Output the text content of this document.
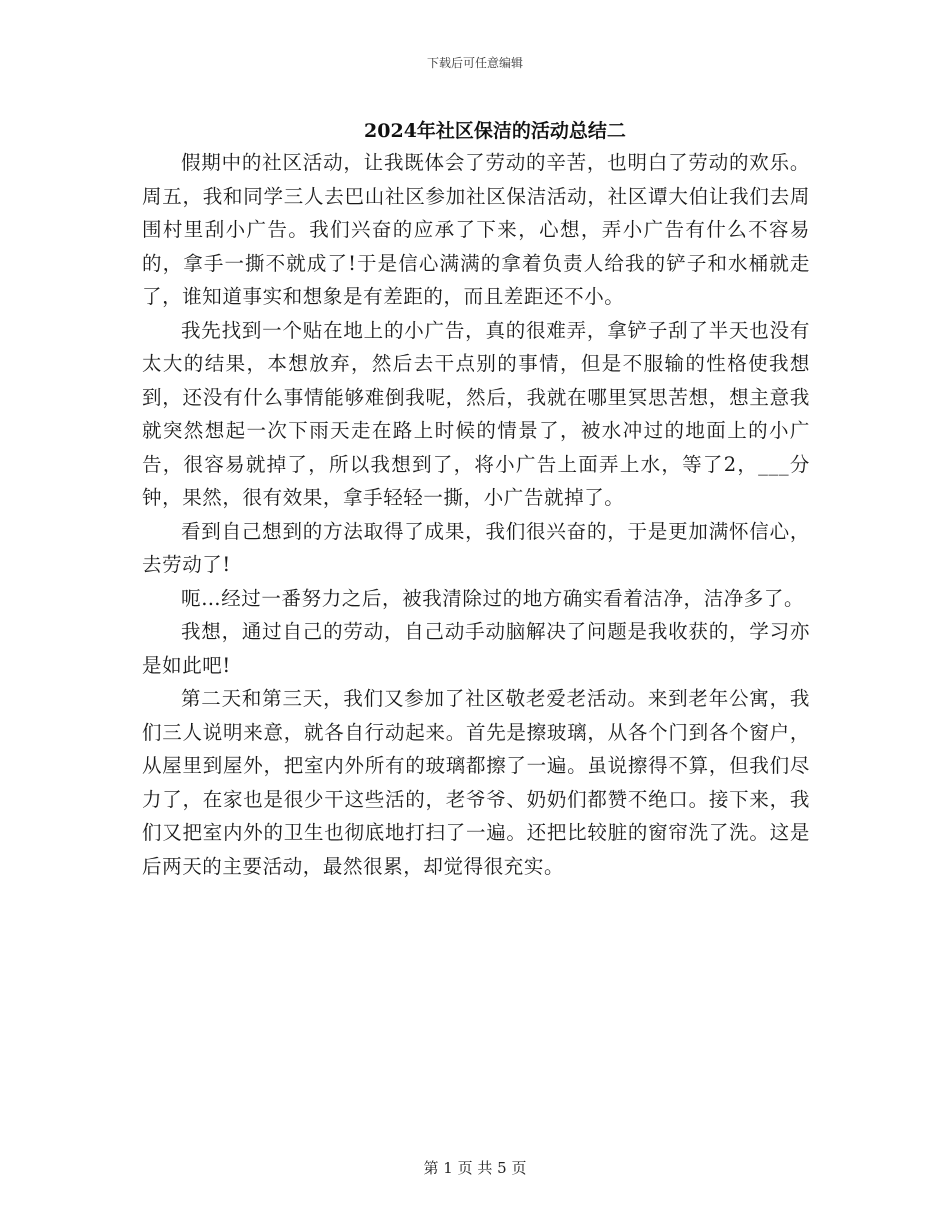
下载后可任意编辑
2024年社区保洁的活动总结二

假期中的社区活动，让我既体会了劳动的辛苦，也明白了劳动的欢乐。周五，我和同学三人去巴山社区参加社区保洁活动，社区谭大伯让我们去周围村里刮小广告。我们兴奋的应承了下来，心想，弄小广告有什么不容易的，拿手一撕不就成了!于是信心满满的拿着负责人给我的铲子和水桶就走了，谁知道事实和想象是有差距的，而且差距还不小。

我先找到一个贴在地上的小广告，真的很难弄，拿铲子刮了半天也没有太大的结果，本想放弃，然后去干点别的事情，但是不服输的性格使我想到，还没有什么事情能够难倒我呢，然后，我就在哪里冥思苦想，想主意我就突然想起一次下雨天走在路上时候的情景了，被水冲过的地面上的小广告，很容易就掉了，所以我想到了，将小广告上面弄上水，等了2，___分钟，果然，很有效果，拿手轻轻一撕，小广告就掉了。

看到自己想到的方法取得了成果，我们很兴奋的，于是更加满怀信心，去劳动了!

呃…经过一番努力之后，被我清除过的地方确实看着洁净，洁净多了。

我想，通过自己的劳动，自己动手动脑解决了问题是我收获的，学习亦是如此吧!

第二天和第三天，我们又参加了社区敬老爱老活动。来到老年公寓，我们三人说明来意，就各自行动起来。首先是擦玻璃，从各个门到各个窗户，从屋里到屋外，把室内外所有的玻璃都擦了一遍。虽说擦得不算，但我们尽力了，在家也是很少干这些活的，老爷爷、奶奶们都赞不绝口。接下来，我们又把室内外的卫生也彻底地打扫了一遍。还把比较脏的窗帘洗了洗。这是后两天的主要活动，最然很累，却觉得很充实。

第 1 页 共 5 页
